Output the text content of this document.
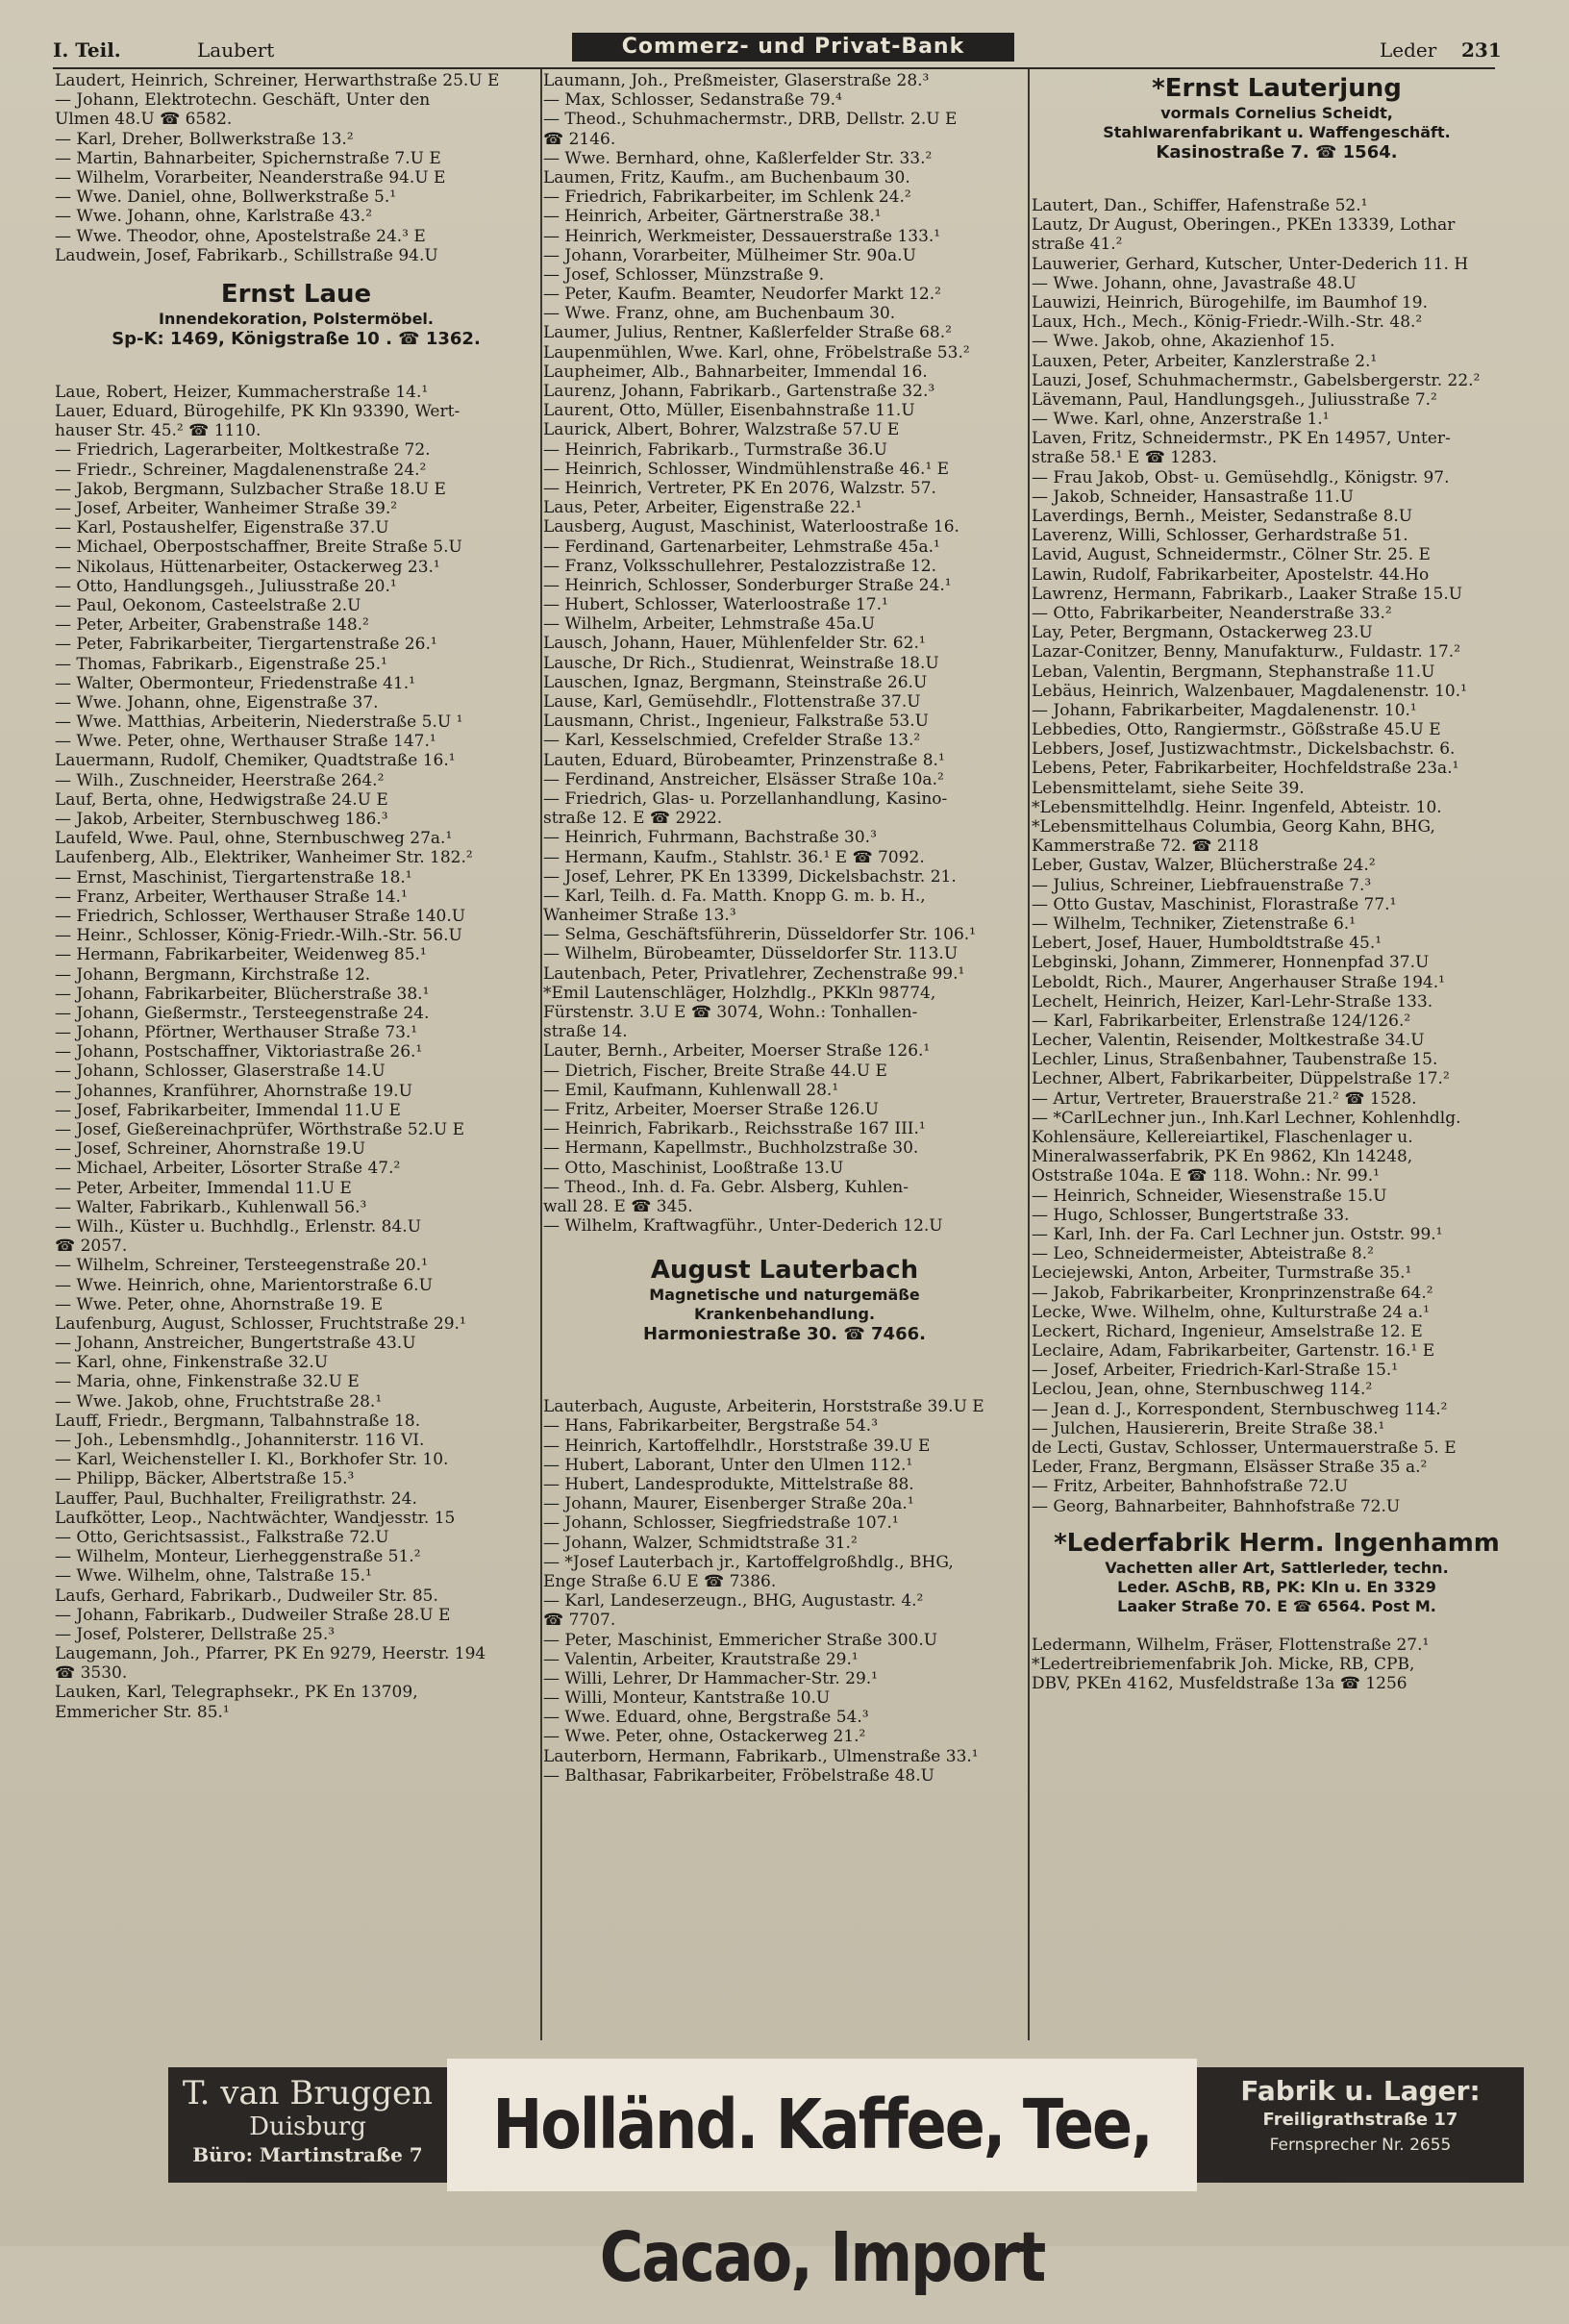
I. Teil.	Laubert	Commerz- und Privat-Bank	Leder 231
Laudert, Heinrich, Schreiner, Herwarthstraße 25.U E
— Johann, Elektrotechn. Geschäft, Unter den
Ulmen 48.U ☎ 6582.
— Karl, Dreher, Bollwerkstraße 13.²
— Martin, Bahnarbeiter, Spichernstraße 7.U E
— Wilhelm, Vorarbeiter, Neanderstraße 94.U E
— Wwe. Daniel, ohne, Bollwerkstraße 5.¹
— Wwe. Johann, ohne, Karlstraße 43.²
— Wwe. Theodor, ohne, Apostelstraße 24.³ E
Laudwein, Josef, Fabrikarb., Schillstraße 94.U
Ernst Laue
Innendekoration, Polstermöbel.
Sp-K: 1469, Königstraße 10 . ☎ 1362.
Laue, Robert, Heizer, Kummacherstraße 14.¹
Lauer, Eduard, Bürogehilfe, PK Kln 93390, Wert-
hauser Str. 45.² ☎ 1110.
— Friedrich, Lagerarbeiter, Moltkestraße 72.
— Friedr., Schreiner, Magdalenenstraße 24.²
— Jakob, Bergmann, Sulzbacher Straße 18.U E
— Josef, Arbeiter, Wanheimer Straße 39.²
— Karl, Postaushelfer, Eigenstraße 37.U
— Michael, Oberpostschaffner, Breite Straße 5.U
— Nikolaus, Hüttenarbeiter, Ostackerweg 23.¹
— Otto, Handlungsgeh., Juliusstraße 20.¹
— Paul, Oekonom, Casteelstraße 2.U
— Peter, Arbeiter, Grabenstraße 148.²
— Peter, Fabrikarbeiter, Tiergartenstraße 26.¹
— Thomas, Fabrikarb., Eigenstraße 25.¹
— Walter, Obermonteur, Friedenstraße 41.¹
— Wwe. Johann, ohne, Eigenstraße 37.
— Wwe. Matthias, Arbeiterin, Niederstraße 5.U ¹
— Wwe. Peter, ohne, Werthauser Straße 147.¹
Lauermann, Rudolf, Chemiker, Quadtstraße 16.¹
— Wilh., Zuschneider, Heerstraße 264.²
Lauf, Berta, ohne, Hedwigstraße 24.U E
— Jakob, Arbeiter, Sternbuschweg 186.³
Laufeld, Wwe. Paul, ohne, Sternbuschweg 27a.¹
Laufenberg, Alb., Elektriker, Wanheimer Str. 182.²
— Ernst, Maschinist, Tiergartenstraße 18.¹
— Franz, Arbeiter, Werthauser Straße 14.¹
— Friedrich, Schlosser, Werthauser Straße 140.U
— Heinr., Schlosser, König-Friedr.-Wilh.-Str. 56.U
— Hermann, Fabrikarbeiter, Weidenweg 85.¹
— Johann, Bergmann, Kirchstraße 12.
— Johann, Fabrikarbeiter, Blücherstraße 38.¹
— Johann, Gießermstr., Tersteegenstraße 24.
— Johann, Pförtner, Werthauser Straße 73.¹
— Johann, Postschaffner, Viktoriastraße 26.¹
— Johann, Schlosser, Glaserstraße 14.U
— Johannes, Kranführer, Ahornstraße 19.U
— Josef, Fabrikarbeiter, Immendal 11.U E
— Josef, Gießereinachprüfer, Wörthstraße 52.U E
— Josef, Schreiner, Ahornstraße 19.U
— Michael, Arbeiter, Lösorter Straße 47.²
— Peter, Arbeiter, Immendal 11.U E
— Walter, Fabrikarb., Kuhlenwall 56.³
— Wilh., Küster u. Buchhdlg., Erlenstr. 84.U
☎ 2057.
— Wilhelm, Schreiner, Tersteegenstraße 20.¹
— Wwe. Heinrich, ohne, Marientorstraße 6.U
— Wwe. Peter, ohne, Ahornstraße 19. E
Laufenburg, August, Schlosser, Fruchtstraße 29.¹
— Johann, Anstreicher, Bungertstraße 43.U
— Karl, ohne, Finkenstraße 32.U
— Maria, ohne, Finkenstraße 32.U E
— Wwe. Jakob, ohne, Fruchtstraße 28.¹
Lauff, Friedr., Bergmann, Talbahnstraße 18.
— Joh., Lebensmhdlg., Johanniterstr. 116 VI.
— Karl, Weichensteller I. Kl., Borkhofer Str. 10.
— Philipp, Bäcker, Albertstraße 15.³
Lauffer, Paul, Buchhalter, Freiligrathstr. 24.
Laufkötter, Leop., Nachtwächter, Wandjesstr. 15
— Otto, Gerichtsassist., Falkstraße 72.U
— Wilhelm, Monteur, Lierheggenstraße 51.²
— Wwe. Wilhelm, ohne, Talstraße 15.¹
Laufs, Gerhard, Fabrikarb., Dudweiler Str. 85.
— Johann, Fabrikarb., Dudweiler Straße 28.U E
— Josef, Polsterer, Dellstraße 25.³
Laugemann, Joh., Pfarrer, PK En 9279, Heerstr. 194
☎ 3530.
Lauken, Karl, Telegraphsekr., PK En 13709,
Emmericher Str. 85.¹
Laumann, Joh., Preßmeister, Glaserstraße 28.³
— Max, Schlosser, Sedanstraße 79.⁴
— Theod., Schuhmachermstr., DRB, Dellstr. 2.U E
☎ 2146.
— Wwe. Bernhard, ohne, Kaßlerfelder Str. 33.²
Laumen, Fritz, Kaufm., am Buchenbaum 30.
— Friedrich, Fabrikarbeiter, im Schlenk 24.²
— Heinrich, Arbeiter, Gärtnerstraße 38.¹
— Heinrich, Werkmeister, Dessauerstraße 133.¹
— Johann, Vorarbeiter, Mülheimer Str. 90a.U
— Josef, Schlosser, Münzstraße 9.
— Peter, Kaufm. Beamter, Neudorfer Markt 12.²
— Wwe. Franz, ohne, am Buchenbaum 30.
Laumer, Julius, Rentner, Kaßlerfelder Straße 68.²
Laupenmühlen, Wwe. Karl, ohne, Fröbelstraße 53.²
Laupheimer, Alb., Bahnarbeiter, Immendal 16.
Laurenz, Johann, Fabrikarb., Gartenstraße 32.³
Laurent, Otto, Müller, Eisenbahnstraße 11.U
Laurick, Albert, Bohrer, Walzstraße 57.U E
— Heinrich, Fabrikarb., Turmstraße 36.U
— Heinrich, Schlosser, Windmühlenstraße 46.¹ E
— Heinrich, Vertreter, PK En 2076, Walzstr. 57.
Laus, Peter, Arbeiter, Eigenstraße 22.¹
Lausberg, August, Maschinist, Waterloostraße 16.
— Ferdinand, Gartenarbeiter, Lehmstraße 45a.¹
— Franz, Volksschullehrer, Pestalozzistraße 12.
— Heinrich, Schlosser, Sonderburger Straße 24.¹
— Hubert, Schlosser, Waterloostraße 17.¹
— Wilhelm, Arbeiter, Lehmstraße 45a.U
Lausch, Johann, Hauer, Mühlenfelder Str. 62.¹
Lausche, Dr Rich., Studienrat, Weinstraße 18.U
Lauschen, Ignaz, Bergmann, Steinstraße 26.U
Lause, Karl, Gemüsehdlr., Flottenstraße 37.U
Lausmann, Christ., Ingenieur, Falkstraße 53.U
— Karl, Kesselschmied, Crefelder Straße 13.²
Lauten, Eduard, Bürobeamter, Prinzenstraße 8.¹
— Ferdinand, Anstreicher, Elsässer Straße 10a.²
— Friedrich, Glas- u. Porzellanhandlung, Kasino-
straße 12. E ☎ 2922.
— Heinrich, Fuhrmann, Bachstraße 30.³
— Hermann, Kaufm., Stahlstr. 36.¹ E ☎ 7092.
— Josef, Lehrer, PK En 13399, Dickelsbachstr. 21.
— Karl, Teilh. d. Fa. Matth. Knopp G. m. b. H.,
Wanheimer Straße 13.³
— Selma, Geschäftsführerin, Düsseldorfer Str. 106.¹
— Wilhelm, Bürobeamter, Düsseldorfer Str. 113.U
Lautenbach, Peter, Privatlehrer, Zechenstraße 99.¹
*Emil Lautenschläger, Holzhdlg., PKKln 98774,
Fürstenstr. 3.U E ☎ 3074, Wohn.: Tonhallen-
straße 14.
Lauter, Bernh., Arbeiter, Moerser Straße 126.¹
— Dietrich, Fischer, Breite Straße 44.U E
— Emil, Kaufmann, Kuhlenwall 28.¹
— Fritz, Arbeiter, Moerser Straße 126.U
— Heinrich, Fabrikarb., Reichsstraße 167 III.¹
— Hermann, Kapellmstr., Buchholzstraße 30.
— Otto, Maschinist, Looßtraße 13.U
— Theod., Inh. d. Fa. Gebr. Alsberg, Kuhlen-
wall 28. E ☎ 345.
— Wilhelm, Kraftwagführ., Unter-Dederich 12.U
August Lauterbach
Magnetische und naturgemäße
Krankenbehandlung.
Harmoniestraße 30. ☎ 7466.
Lauterbach, Auguste, Arbeiterin, Horststraße 39.U E
— Hans, Fabrikarbeiter, Bergstraße 54.³
— Heinrich, Kartoffelhdlr., Horststraße 39.U E
— Hubert, Laborant, Unter den Ulmen 112.¹
— Hubert, Landesprodukte, Mittelstraße 88.
— Johann, Maurer, Eisenberger Straße 20a.¹
— Johann, Schlosser, Siegfriedstraße 107.¹
— Johann, Walzer, Schmidtstraße 31.²
— *Josef Lauterbach jr., Kartoffelgroßhdlg., BHG,
Enge Straße 6.U E ☎ 7386.
— Karl, Landeserzeugn., BHG, Augustastr. 4.²
☎ 7707.
— Peter, Maschinist, Emmericher Straße 300.U
— Valentin, Arbeiter, Krautstraße 29.¹
— Willi, Lehrer, Dr Hammacher-Str. 29.¹
— Willi, Monteur, Kantstraße 10.U
— Wwe. Eduard, ohne, Bergstraße 54.³
— Wwe. Peter, ohne, Ostackerweg 21.²
Lauterborn, Hermann, Fabrikarb., Ulmenstraße 33.¹
— Balthasar, Fabrikarbeiter, Fröbelstraße 48.U
*Ernst Lauterjung
vormals Cornelius Scheidt,
Stahlwarenfabrikant u. Waffengeschäft.
Kasinostraße 7. ☎ 1564.
Lautert, Dan., Schiffer, Hafenstraße 52.¹
Lautz, Dr August, Oberingen., PKEn 13339, Lothar
straße 41.²
Lauwerier, Gerhard, Kutscher, Unter-Dederich 11. H
— Wwe. Johann, ohne, Javastraße 48.U
Lauwizi, Heinrich, Bürogehilfe, im Baumhof 19.
Laux, Hch., Mech., König-Friedr.-Wilh.-Str. 48.²
— Wwe. Jakob, ohne, Akazienhof 15.
Lauxen, Peter, Arbeiter, Kanzlerstraße 2.¹
Lauzi, Josef, Schuhmachermstr., Gabelsbergerstr. 22.²
Lävemann, Paul, Handlungsgeh., Juliusstraße 7.²
— Wwe. Karl, ohne, Anzerstraße 1.¹
Laven, Fritz, Schneidermstr., PK En 14957, Unter-
straße 58.¹ E ☎ 1283.
— Frau Jakob, Obst- u. Gemüsehdlg., Königstr. 97.
— Jakob, Schneider, Hansastraße 11.U
Laverdings, Bernh., Meister, Sedanstraße 8.U
Laverenz, Willi, Schlosser, Gerhardstraße 51.
Lavid, August, Schneidermstr., Cölner Str. 25. E
Lawin, Rudolf, Fabrikarbeiter, Apostelstr. 44.Ho
Lawrenz, Hermann, Fabrikarb., Laaker Straße 15.U
— Otto, Fabrikarbeiter, Neanderstraße 33.²
Lay, Peter, Bergmann, Ostackerweg 23.U
Lazar-Conitzer, Benny, Manufakturw., Fuldastr. 17.²
Leban, Valentin, Bergmann, Stephanstraße 11.U
Lebäus, Heinrich, Walzenbauer, Magdalenenstr. 10.¹
— Johann, Fabrikarbeiter, Magdalenenstr. 10.¹
Lebbedies, Otto, Rangiermstr., Gößstraße 45.U E
Lebbers, Josef, Justizwachtmstr., Dickelsbachstr. 6.
Lebens, Peter, Fabrikarbeiter, Hochfeldstraße 23a.¹
Lebensmittelamt, siehe Seite 39.
*Lebensmittelhdlg. Heinr. Ingenfeld, Abteistr. 10.
*Lebensmittelhaus Columbia, Georg Kahn, BHG,
Kammerstraße 72. ☎ 2118
Leber, Gustav, Walzer, Blücherstraße 24.²
— Julius, Schreiner, Liebfrauenstraße 7.³
— Otto Gustav, Maschinist, Florastraße 77.¹
— Wilhelm, Techniker, Zietenstraße 6.¹
Lebert, Josef, Hauer, Humboldtstraße 45.¹
Lebginski, Johann, Zimmerer, Honnenpfad 37.U
Leboldt, Rich., Maurer, Angerhauser Straße 194.¹
Lechelt, Heinrich, Heizer, Karl-Lehr-Straße 133.
— Karl, Fabrikarbeiter, Erlenstraße 124/126.²
Lecher, Valentin, Reisender, Moltkestraße 34.U
Lechler, Linus, Straßenbahner, Taubenstraße 15.
Lechner, Albert, Fabrikarbeiter, Düppelstraße 17.²
— Artur, Vertreter, Brauerstraße 21.² ☎ 1528.
— *CarlLechner jun., Inh.Karl Lechner, Kohlenhdlg.
Kohlensäure, Kellereiartikel, Flaschenlager u.
Mineralwasserfabrik, PK En 9862, Kln 14248,
Oststraße 104a. E ☎ 118. Wohn.: Nr. 99.¹
— Heinrich, Schneider, Wiesenstraße 15.U
— Hugo, Schlosser, Bungertstraße 33.
— Karl, Inh. der Fa. Carl Lechner jun. Oststr. 99.¹
— Leo, Schneidermeister, Abteistraße 8.²
Leciejewski, Anton, Arbeiter, Turmstraße 35.¹
— Jakob, Fabrikarbeiter, Kronprinzenstraße 64.²
Lecke, Wwe. Wilhelm, ohne, Kulturstraße 24 a.¹
Leckert, Richard, Ingenieur, Amselstraße 12. E
Leclaire, Adam, Fabrikarbeiter, Gartenstr. 16.¹ E
— Josef, Arbeiter, Friedrich-Karl-Straße 15.¹
Leclou, Jean, ohne, Sternbuschweg 114.²
— Jean d. J., Korrespondent, Sternbuschweg 114.²
— Julchen, Hausiererin, Breite Straße 38.¹
de Lecti, Gustav, Schlosser, Untermauerstraße 5. E
Leder, Franz, Bergmann, Elsässer Straße 35 a.²
— Fritz, Arbeiter, Bahnhofstraße 72.U
— Georg, Bahnarbeiter, Bahnhofstraße 72.U
*Lederfabrik Herm. Ingenhamm
Vachetten aller Art, Sattlerleder, techn.
Leder. ASchB, RB, PK: Kln u. En 3329
Laaker Straße 70. E ☎ 6564. Post M.
Ledermann, Wilhelm, Fräser, Flottenstraße 27.¹
*Ledertreibriemenfabrik Joh. Micke, RB, CPB,
DBV, PKEn 4162, Musfeldstraße 13a ☎ 1256
T. van Bruggen
Duisburg
Büro: Martinstraße 7	Holländ. Kaffee, Tee, Cacao, Import
Fabrik u. Lager:
Freiligrathstraße 17
Fernsprecher Nr. 2655
